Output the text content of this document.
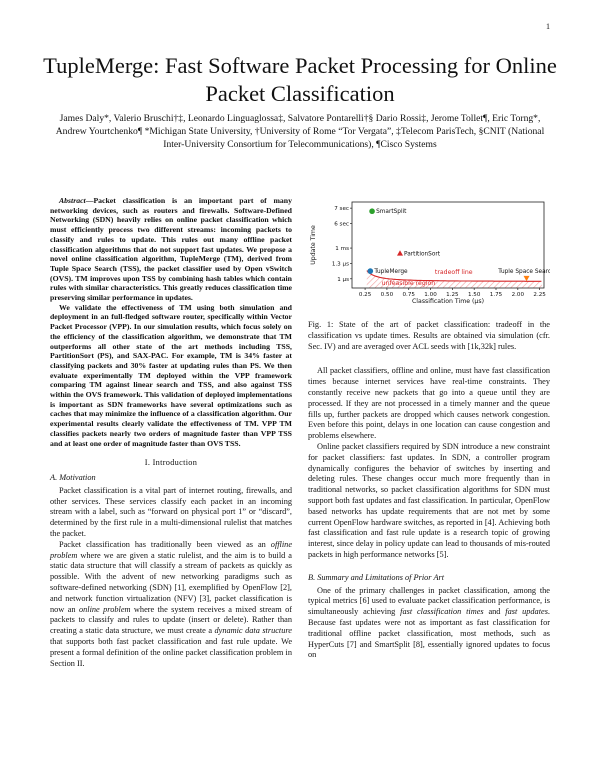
1
TupleMerge: Fast Software Packet Processing for Online Packet Classification
James Daly*, Valerio Bruschi†‡, Leonardo Linguaglossa‡, Salvatore Pontarelli†§ Dario Rossi‡, Jerome Tollet¶, Eric Torng*, Andrew Yourtchenko¶ *Michigan State University, †University of Rome “Tor Vergata”, ‡Telecom ParisTech, §CNIT (National Inter-University Consortium for Telecommunications), ¶Cisco Systems

Abstract—Packet classification is an important part of many networking devices, such as routers and firewalls. Software-Defined Networking (SDN) heavily relies on online packet classification which must efficiently process two different streams: incoming packets to classify and rules to update. This rules out many offline packet classification algorithms that do not support fast updates. We propose a novel online classification algorithm, TupleMerge (TM), derived from Tuple Space Search (TSS), the packet classifier used by Open vSwitch (OVS). TM improves upon TSS by combining hash tables which contain rules with similar characteristics. This greatly reduces classification time preserving similar performance in updates.

We validate the effectiveness of TM using both simulation and deployment in an full-fledged software router, specifically within Vector Packet Processor (VPP). In our simulation results, which focus solely on the efficiency of the classification algorithm, we demonstrate that TM outperforms all other state of the art methods including TSS, PartitionSort (PS), and SAX-PAC. For example, TM is 34% faster at classifying packets and 30% faster at updating rules than PS. We then evaluate experimentally TM deployed within the VPP framework comparing TM against linear search and TSS, and also against TSS within the OVS framework. This validation of deployed implementations is important as SDN frameworks have several optimizations such as caches that may minimize the influence of a classification algorithm. Our experimental results clearly validate the effectiveness of TM. VPP TM classifies packets nearly two orders of magnitude faster than VPP TSS and at least one order of magnitude faster than OVS TSS.

I. Introduction
A. Motivation

Packet classification is a vital part of internet routing, firewalls, and other services. These services classify each packet in an incoming stream with a label, such as “forward on physical port 1” or “discard”, determined by the first rule in a multi-dimensional rulelist that matches the packet.

Packet classification has traditionally been viewed as an offline problem where we are given a static rulelist, and the aim is to build a static data structure that will classify a stream of packets as quickly as possible. With the advent of new networking paradigms such as software-defined networking (SDN) [1], exemplified by OpenFlow [2], and network function virtualization (NFV) [3], packet classification is now an online problem where the system receives a mixed stream of packets to classify and rules to update (insert or delete). Rather than creating a static data structure, we must create a dynamic data structure that supports both fast packet classification and fast rule update. We present a formal definition of the online packet classification problem in Section II.

1 μs
1.3 μs
1 ms
6 sec
7 sec
0.25 0.50 0.75 1.00 1.25 1.50 1.75 2.00 2.25
SmartSplit
PartitionSort
TupleMerge	Tuple Space Search
tradeoff line
unfeasible region
Classification Time (μs)
Update Time
Fig. 1: State of the art of packet classification: tradeoff in the classification vs update times. Results are obtained via simulation (cfr. Sec. IV) and are averaged over ACL seeds with [1k,32k] rules.

All packet classifiers, offline and online, must have fast classification times because internet services have real-time constraints. They constantly receive new packets that go into a queue until they are processed. If they are not processed in a timely manner and the queue fills up, further packets are dropped which causes network congestion. Even before this point, delays in one location can cause congestion and problems elsewhere.

Online packet classifiers required by SDN introduce a new constraint for packet classifiers: fast updates. In SDN, a controller program dynamically configures the behavior of switches by inserting and deleting rules. These changes occur much more frequently than in traditional networks, so packet classification algorithms for SDN must support both fast updates and fast classification. In particular, OpenFlow based networks has update requirements that are not met by some current OpenFlow hardware switches, as reported in [4]. Achieving both fast classification and fast rule update is a research topic of growing interest, since delay in policy update can lead to thousands of mis-routed packets in high performance networks [5].

B. Summary and Limitations of Prior Art

One of the primary challenges in packet classification, among the typical metrics [6] used to evaluate packet classification performance, is simultaneously achieving fast classification times and fast updates. Because fast updates were not as important as fast classification for traditional offline packet classification, most methods, such as HyperCuts [7] and SmartSplit [8], essentially ignored updates to focus on
